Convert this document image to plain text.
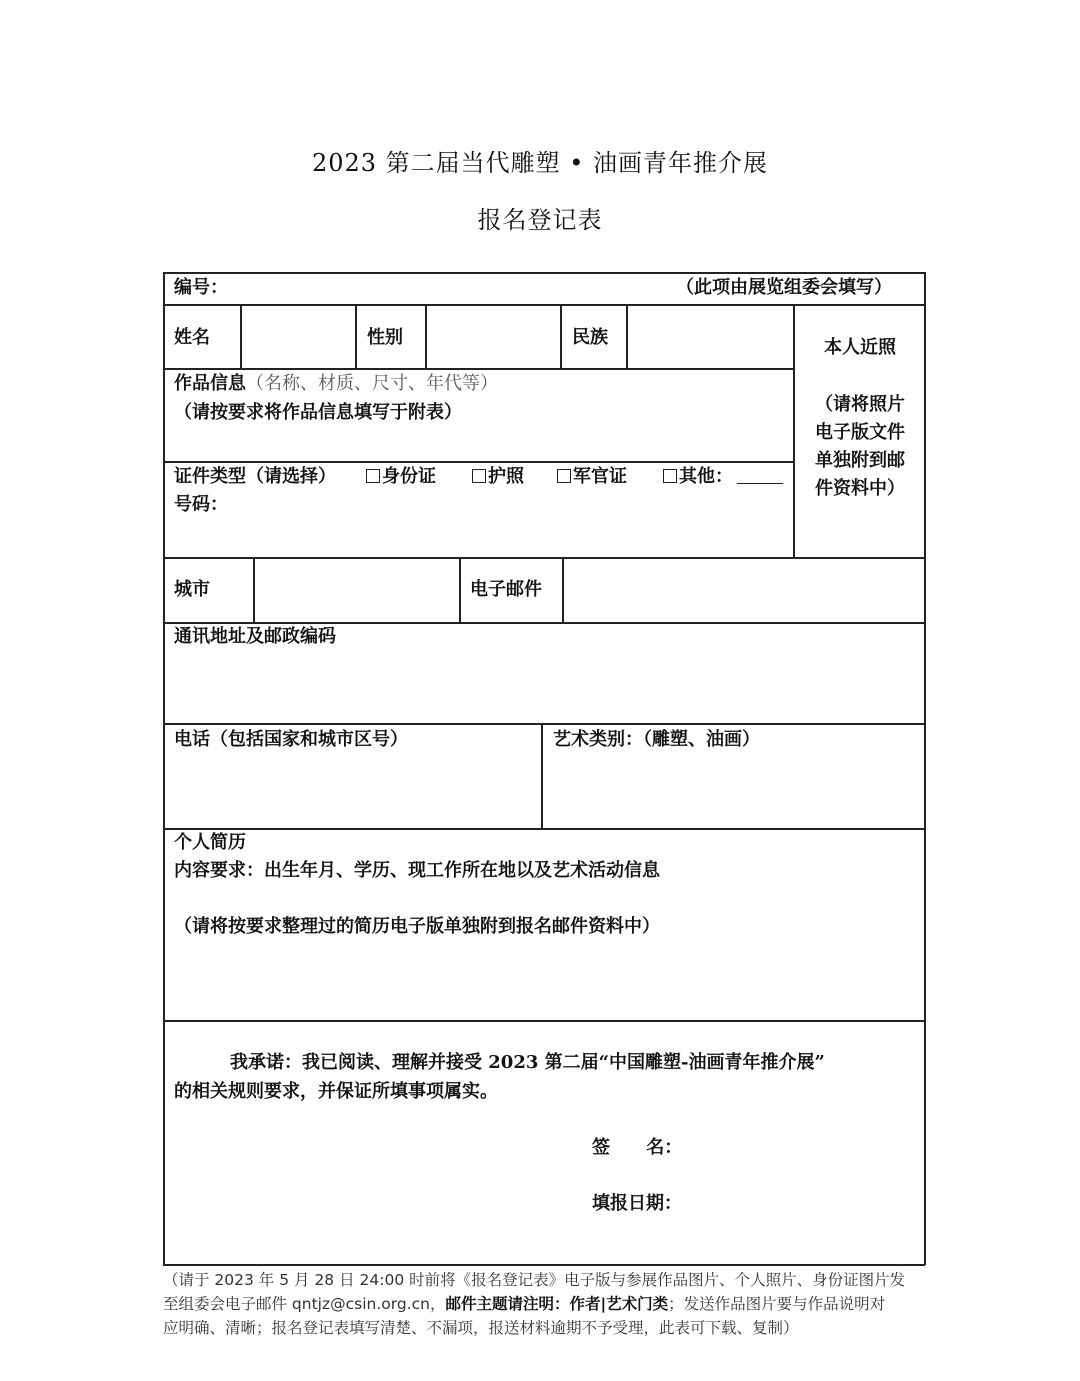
2023 第二届当代雕塑 • 油画青年推介展
报名登记表
编号：	（此项由展览组委会填写）
姓名	性别	民族	本人近照
（请将照片
电子版文件
单独附到邮
件资料中）
作品信息（名称、材质、尺寸、年代等）
（请按要求将作品信息填写于附表）
证件类型（请选择）	身份证	护照	军官证	其他：
号码：
城市	电子邮件
通讯地址及邮政编码
电话（包括国家和城市区号）	艺术类别：（雕塑、油画）
个人简历
内容要求：出生年月、学历、现工作所在地以及艺术活动信息
（请将按要求整理过的简历电子版单独附到报名邮件资料中）
我承诺：我已阅读、理解并接受 2023 第二届“中国雕塑-油画青年推介展”
的相关规则要求，并保证所填事项属实。
签 名：
填报日期：
（请于 2023 年 5 月 28 日 24:00 时前将《报名登记表》电子版与参展作品图片、个人照片、身份证图片发
至组委会电子邮件 qntjz@csin.org.cn，邮件主题请注明：作者|艺术门类；发送作品图片要与作品说明对
应明确、清晰；报名登记表填写清楚、不漏项，报送材料逾期不予受理，此表可下载、复制）
